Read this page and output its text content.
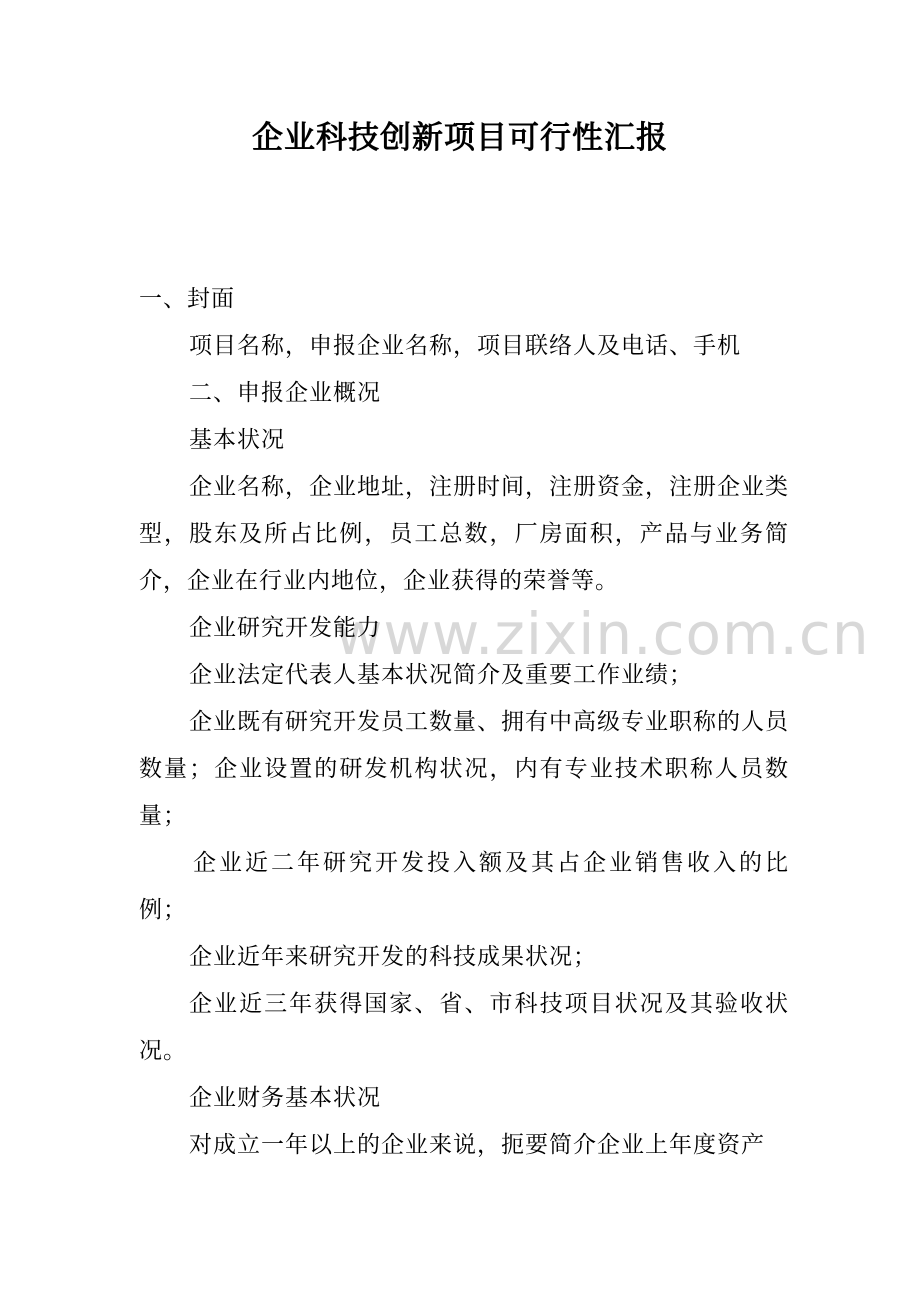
www.zixin.com.cn
企业科技创新项目可行性汇报

一、封面

项目名称，申报企业名称，项目联络人及电话、手机

二、申报企业概况

基本状况

企业名称，企业地址，注册时间，注册资金，注册企业类型，股东及所占比例，员工总数，厂房面积，产品与业务简介，企业在行业内地位，企业获得的荣誉等。

企业研究开发能力

企业法定代表人基本状况简介及重要工作业绩；

企业既有研究开发员工数量、拥有中高级专业职称的人员数量；企业设置的研发机构状况，内有专业技术职称人员数量；

企业近二年研究开发投入额及其占企业销售收入的比例；

企业近年来研究开发的科技成果状况；

企业近三年获得国家、省、市科技项目状况及其验收状况。

企业财务基本状况

对成立一年以上的企业来说，扼要简介企业上年度资产
